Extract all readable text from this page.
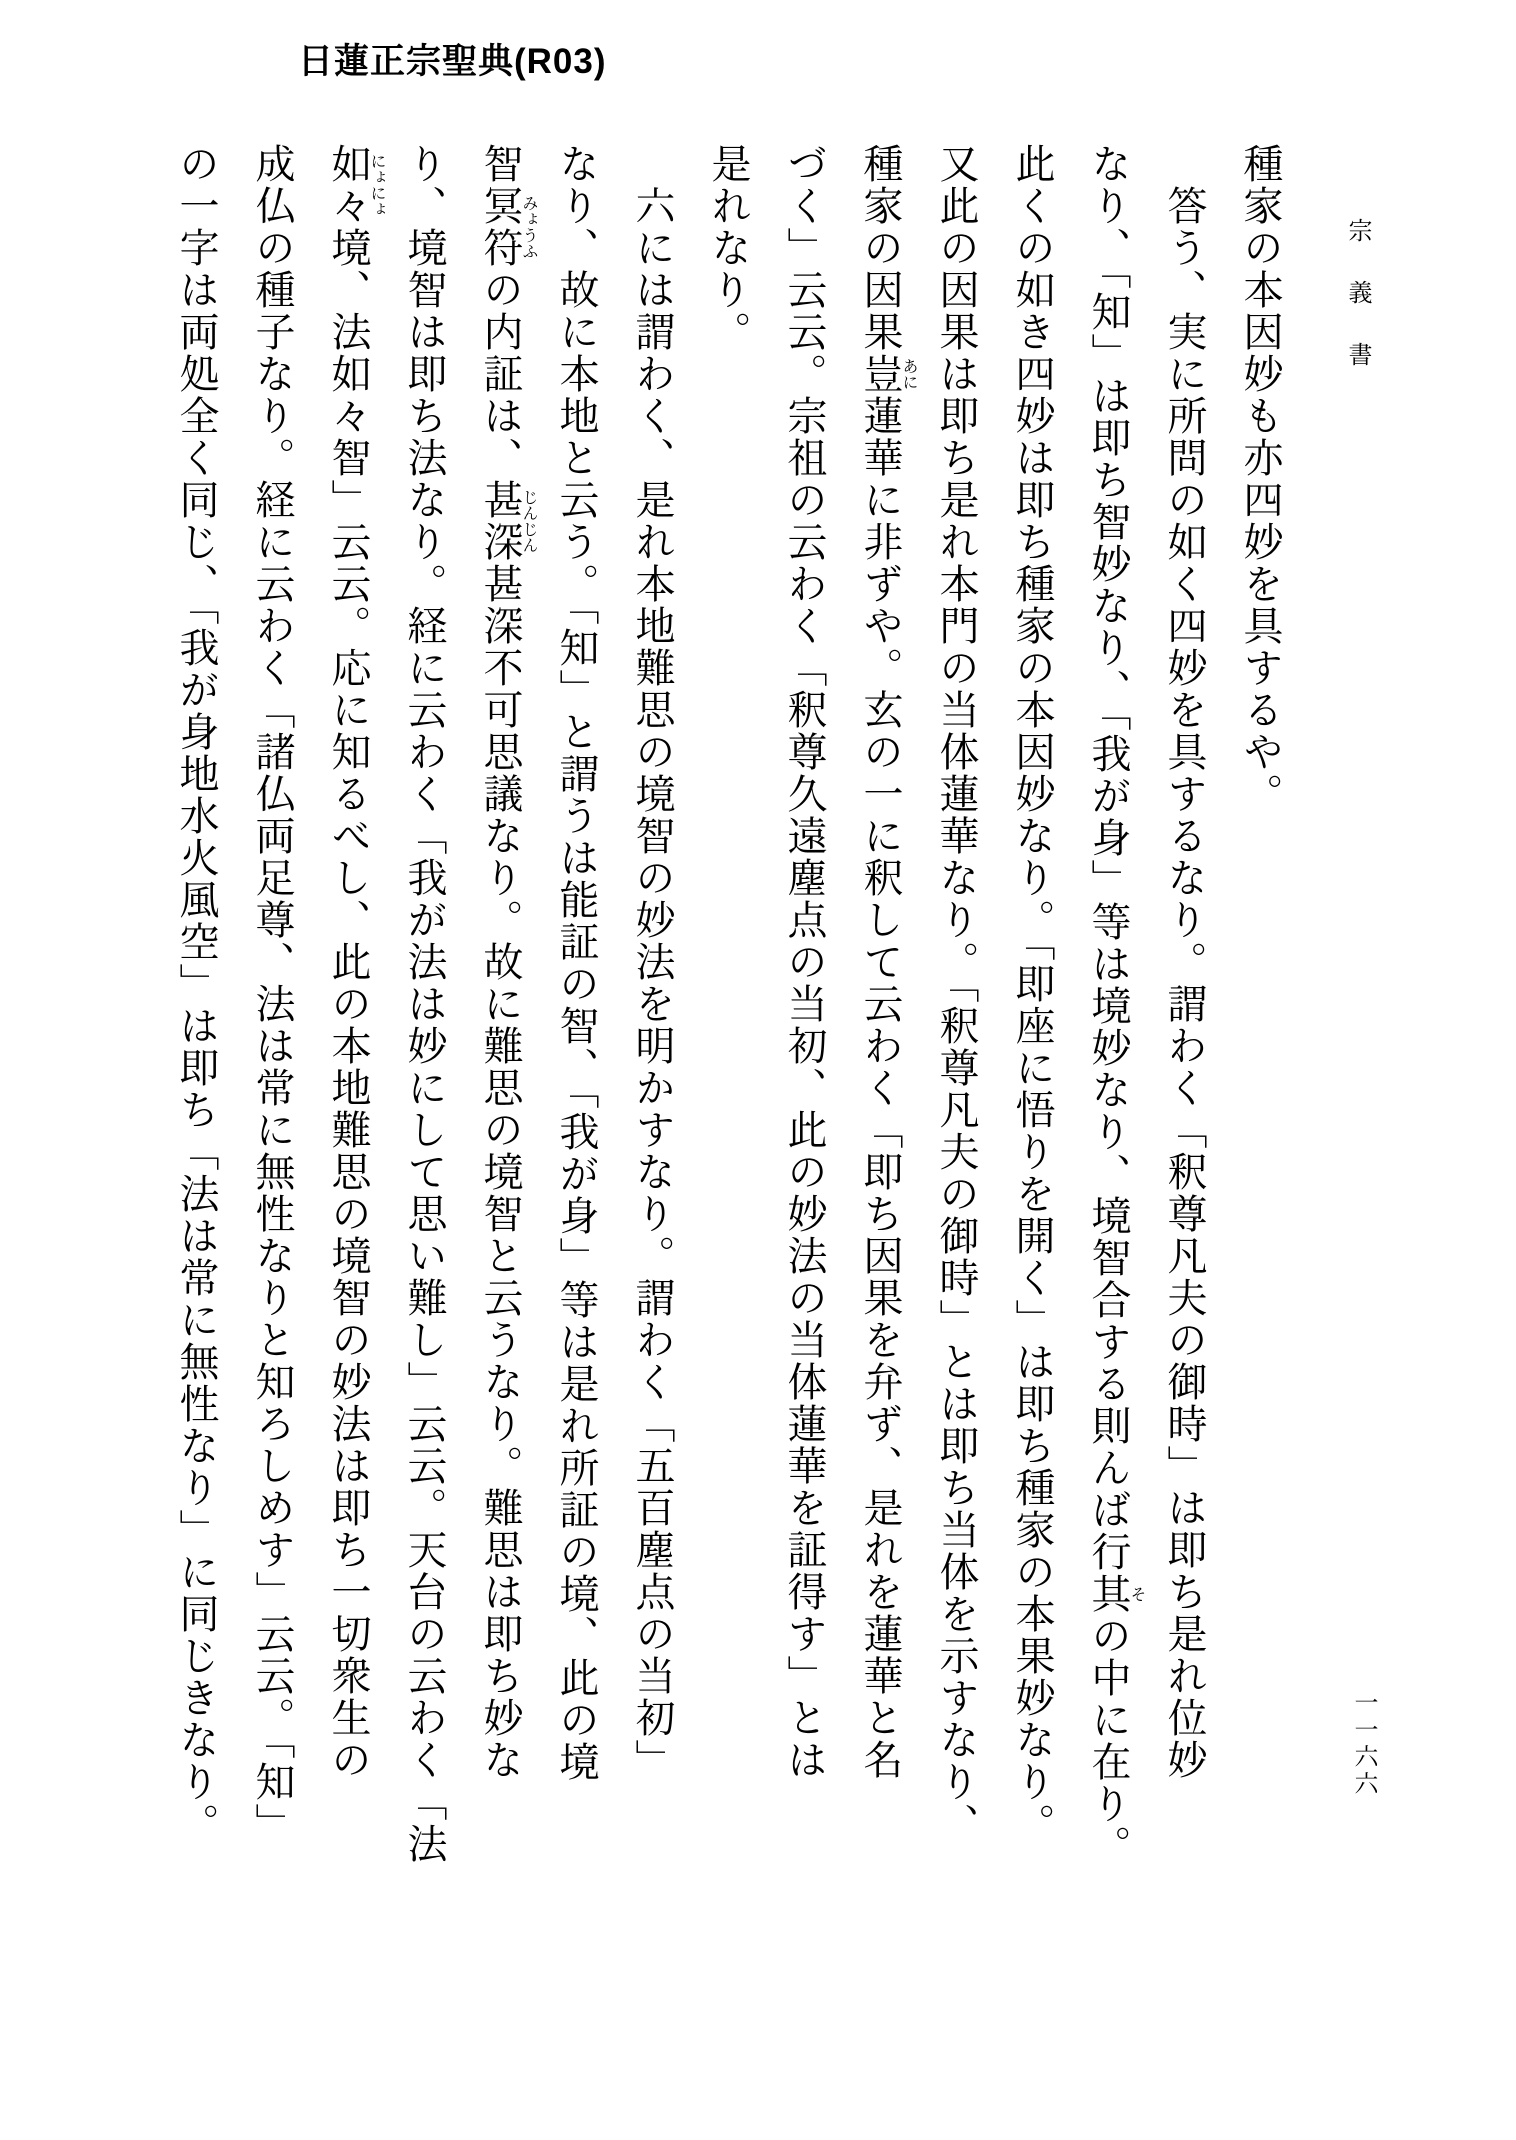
日蓮正宗聖典(R03)
宗　義　書
一一六六
種家の本因妙も亦四妙を具するや。
答う、実に所問の如く四妙を具するなり。謂わく「釈尊凡夫の御時」は即ち是れ位妙
なり、「知」は即ち智妙なり、「我が身」等は境妙なり、境智合する則んば行其その中に在り。
此くの如き四妙は即ち種家の本因妙なり。「即座に悟りを開く」は即ち種家の本果妙なり。
又此の因果は即ち是れ本門の当体蓮華なり。「釈尊凡夫の御時」とは即ち当体を示すなり、
種家の因果豈あに蓮華に非ずや。玄の一に釈して云わく「即ち因果を弁ず、是れを蓮華と名
づく」云云。宗祖の云わく「釈尊久遠塵点の当初、此の妙法の当体蓮華を証得す」とは
是れなり。
六には謂わく、是れ本地難思の境智の妙法を明かすなり。謂わく「五百塵点の当初」
なり、故に本地と云う。「知」と謂うは能証の智、「我が身」等は是れ所証の境、此の境
智冥符みょうふの内証は、甚深じんじん甚深不可思議なり。故に難思の境智と云うなり。難思は即ち妙な
り、境智は即ち法なり。経に云わく「我が法は妙にして思い難し」云云。天台の云わく「法
如々にょにょ境、法如々智」云云。応に知るべし、此の本地難思の境智の妙法は即ち一切衆生の
成仏の種子なり。経に云わく「諸仏両足尊、法は常に無性なりと知ろしめす」云云。「知」
の一字は両処全く同じ、「我が身地水火風空」は即ち「法は常に無性なり」に同じきなり。
